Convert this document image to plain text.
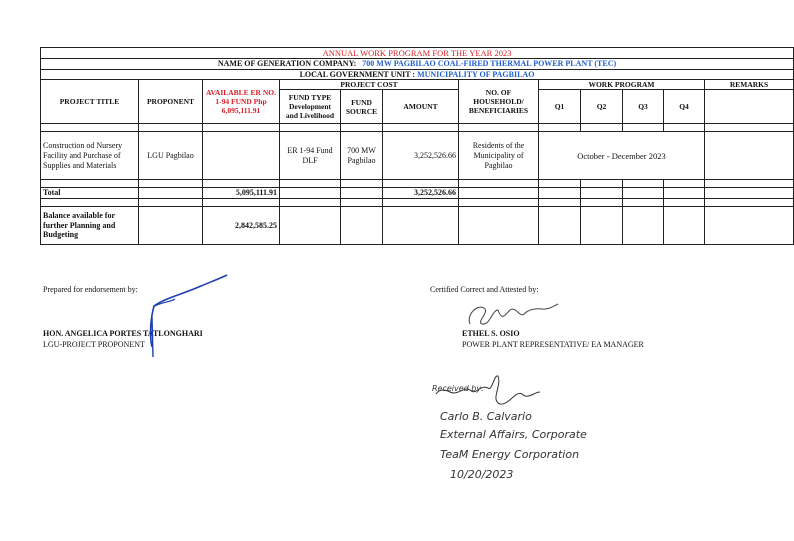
ANNUAL WORK PROGRAM FOR THE YEAR 2023											
NAME OF GENERATION COMPANY: 700 MW PAGBILAO COAL-FIRED THERMAL POWER PLANT (TEC)											
LOCAL GOVERNMENT UNIT : MUNICIPALITY OF PAGBILAO											
PROJECT TITLE	PROPONENT	AVAILABLE ER NO. 1-94 FUND Php 6,095,111.91	PROJECT COST			NO. OF HOUSEHOLD/ BENEFICIARIES	WORK PROGRAM				REMARKS
			FUND TYPE Development and Livelihood	FUND SOURCE	AMOUNT		Q1	Q2	Q3	Q4	

Construction od Nursery Facility and Purchase of Supplies and Materials	LGU Pagbilao		ER 1-94 Fund DLF	700 MW Pagbilao	3,252,526.66	Residents of the Municipality of Pagbilao	October - December 2023				

Total		5,095,111.91			3,252,526.66						

Balance available for further Planning and Budgeting		2,842,585.25									
Prepared for endorsement by:
HON. ANGELICA PORTES TATLONGHARI
LGU-PROJECT PROPONENT
Certified Correct and Attested by:
ETHEL S. OSIO
POWER PLANT REPRESENTATIVE/ EA MANAGER
Received by:
Carlo B. Calvario
External Affairs, Corporate
TeaM Energy Corporation
10/20/2023
